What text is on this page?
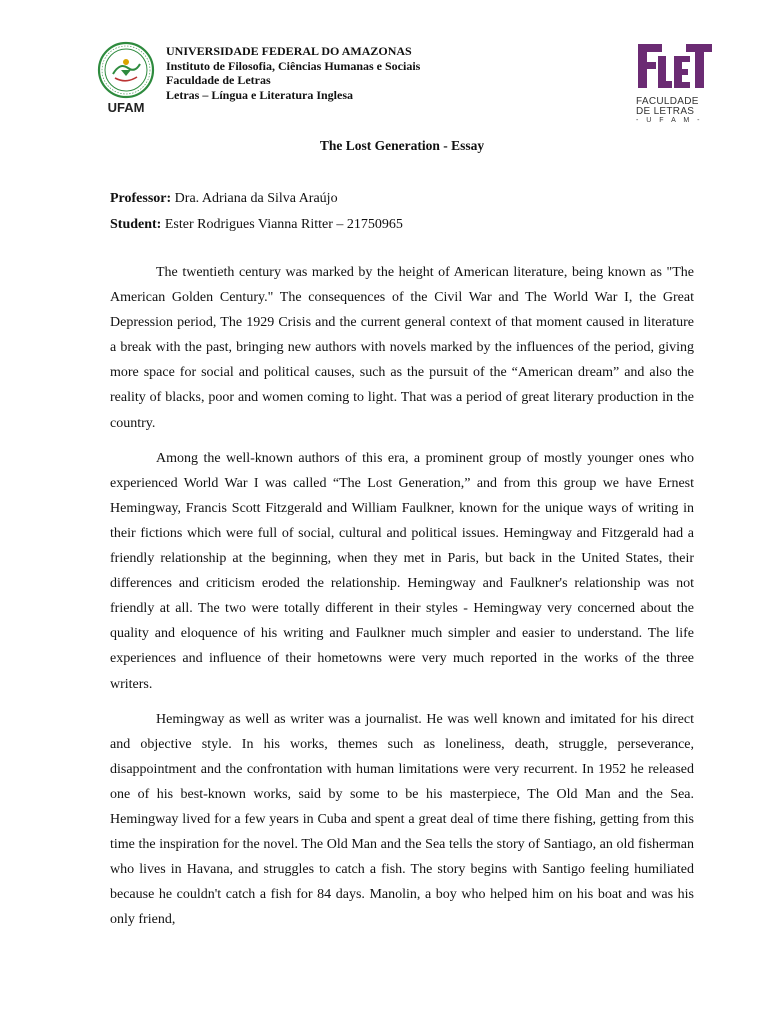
UFAM
UNIVERSIDADE FEDERAL DO AMAZONAS
Instituto de Filosofia, Ciências Humanas e Sociais
Faculdade de Letras
Letras – Língua e Literatura Inglesa	FACULDADE
DE LETRAS
- U F A M -
The Lost Generation - Essay
Professor: Dra. Adriana da Silva Araújo
Student: Ester Rodrigues Vianna Ritter – 21750965

The twentieth century was marked by the height of American literature, being known as "The American Golden Century." The consequences of the Civil War and The World War I, the Great Depression period, The 1929 Crisis and the current general context of that moment caused in literature a break with the past, bringing new authors with novels marked by the influences of the period, giving more space for social and political causes, such as the pursuit of the “American dream” and also the reality of blacks, poor and women coming to light. That was a period of great literary production in the country.

Among the well-known authors of this era, a prominent group of mostly younger ones who experienced World War I was called “The Lost Generation,” and from this group we have Ernest Hemingway, Francis Scott Fitzgerald and William Faulkner, known for the unique ways of writing in their fictions which were full of social, cultural and political issues. Hemingway and Fitzgerald had a friendly relationship at the beginning, when they met in Paris, but back in the United States, their differences and criticism eroded the relationship. Hemingway and Faulkner's relationship was not friendly at all. The two were totally different in their styles - Hemingway very concerned about the quality and eloquence of his writing and Faulkner much simpler and easier to understand. The life experiences and influence of their hometowns were very much reported in the works of the three writers.

Hemingway as well as writer was a journalist. He was well known and imitated for his direct and objective style. In his works, themes such as loneliness, death, struggle, perseverance, disappointment and the confrontation with human limitations were very recurrent. In 1952 he released one of his best-known works, said by some to be his masterpiece, The Old Man and the Sea. Hemingway lived for a few years in Cuba and spent a great deal of time there fishing, getting from this time the inspiration for the novel. The Old Man and the Sea tells the story of Santiago, an old fisherman who lives in Havana, and struggles to catch a fish. The story begins with Santigo feeling humiliated because he couldn't catch a fish for 84 days. Manolin, a boy who helped him on his boat and was his only friend,
